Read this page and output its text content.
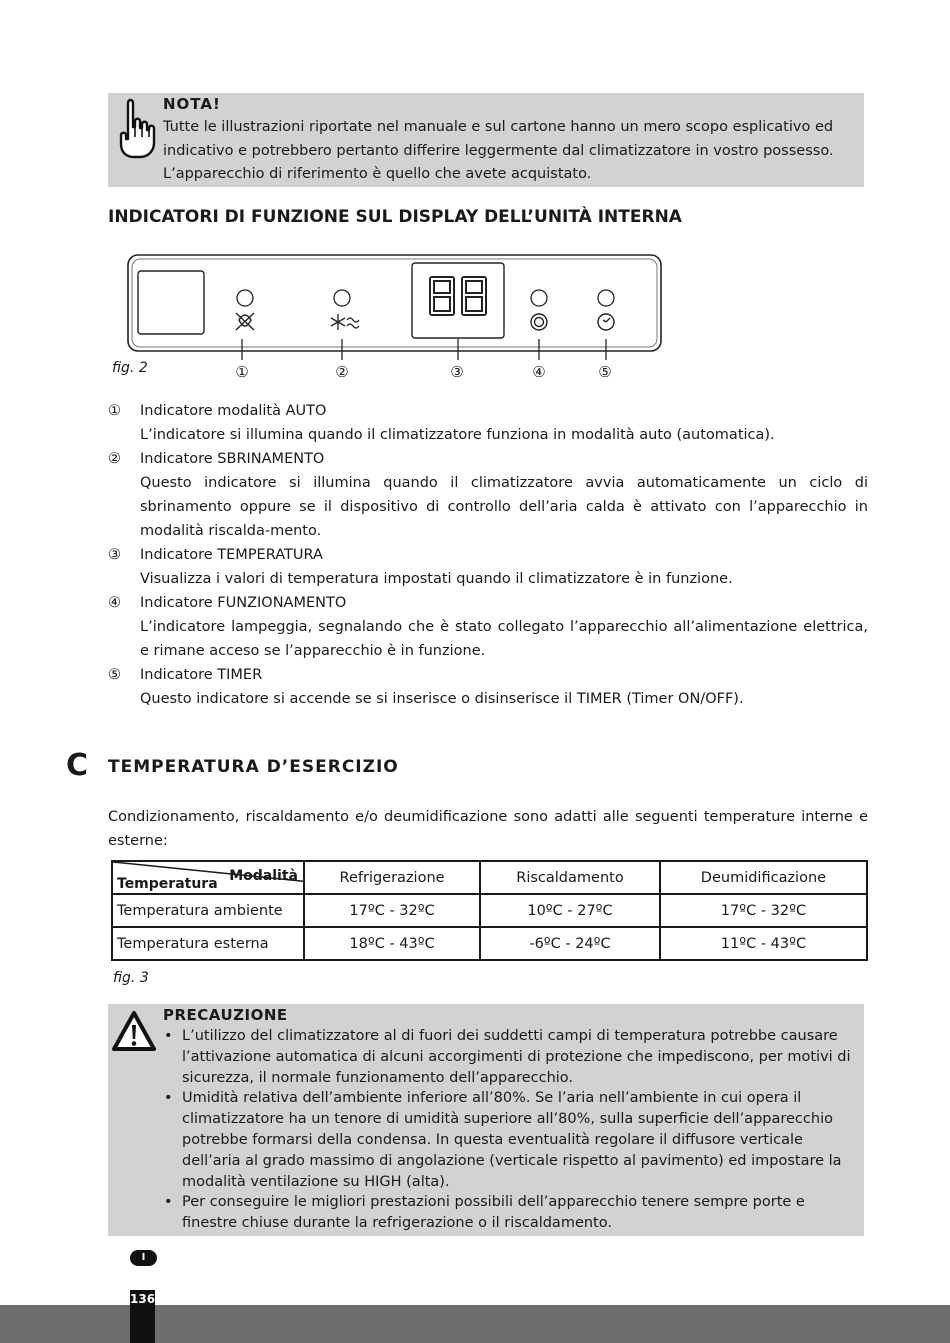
NOTA!
Tutte le illustrazioni riportate nel manuale e sul cartone hanno un mero scopo esplicativo ed indicativo e potrebbero pertanto differire leggermente dal climatizzatore in vostro possesso. L’apparecchio di riferimento è quello che avete acquistato.
INDICATORI DI FUNZIONE SUL DISPLAY DELL’UNITÀ INTERNA
①	②	③	④	⑤
fig. 2
①	Indicatore modalità AUTO
L’indicatore si illumina quando il climatizzatore funziona in modalità auto (automatica).
②	Indicatore SBRINAMENTO
Questo indicatore si illumina quando il climatizzatore avvia automaticamente un ciclo di sbrinamento oppure se il dispositivo di controllo dell’aria calda è attivato con l’apparecchio in modalità riscalda-mento.
③	Indicatore TEMPERATURA
Visualizza i valori di temperatura impostati quando il climatizzatore è in funzione.
④	Indicatore FUNZIONAMENTO
L’indicatore lampeggia, segnalando che è stato collegato l’apparecchio all’alimentazione elettrica, e rimane acceso se l’apparecchio è in funzione.
⑤	Indicatore TIMER
Questo indicatore si accende se si inserisce o disinserisce il TIMER (Timer ON/OFF).
C TEMPERATURA D’ESERCIZIO
Condizionamento, riscaldamento e/o deumidificazione sono adatti alle seguenti temperature interne e esterne:
Modalità
Temperatura	Refrigerazione	Riscaldamento	Deumidificazione
Temperatura ambiente	17ºC - 32ºC	10ºC - 27ºC	17ºC - 32ºC
Temperatura esterna	18ºC - 43ºC	-6ºC - 24ºC	11ºC - 43ºC
fig. 3
PRECAUZIONE
• L’utilizzo del climatizzatore al di fuori dei suddetti campi di temperatura potrebbe causare l’attivazione automatica di alcuni accorgimenti di protezione che impediscono, per motivi di sicurezza, il normale funzionamento dell’apparecchio.
• Umidità relativa dell’ambiente inferiore all’80%. Se l’aria nell’ambiente in cui opera il climatizzatore ha un tenore di umidità superiore all’80%, sulla superficie dell’apparecchio potrebbe formarsi della condensa. In questa eventualità regolare il diffusore verticale dell’aria al grado massimo di angolazione (verticale rispetto al pavimento) ed impostare la modalità ventilazione su HIGH (alta).
• Per conseguire le migliori prestazioni possibili dell’apparecchio tenere sempre porte e finestre chiuse durante la refrigerazione o il riscaldamento.
I
136
